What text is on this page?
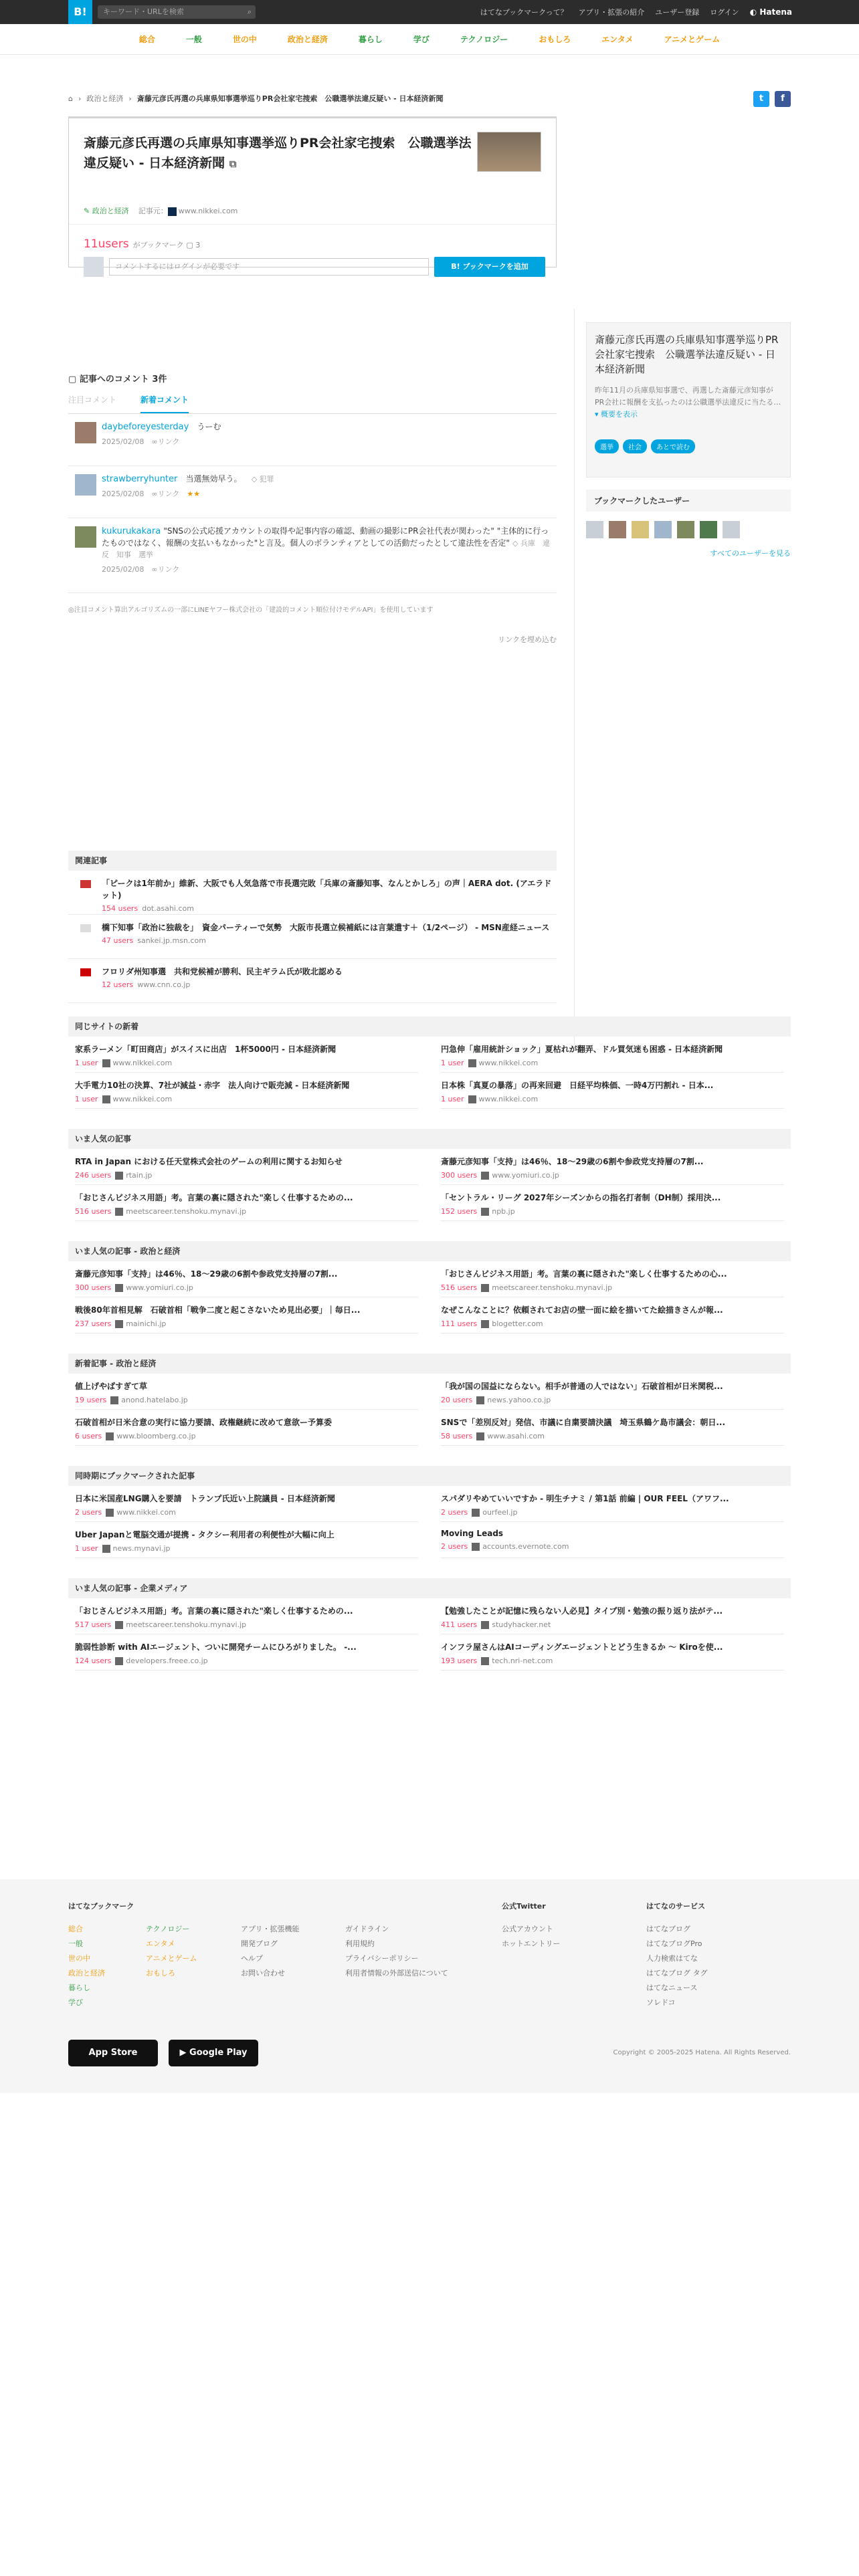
B!	キーワード・URLを検索	⌕	はてなブックマークって？ アプリ・拡張の紹介 ユーザー登録 ログイン ◐ Hatena
総合	一般	世の中	政治と経済	暮らし	学び	テクノロジー	おもしろ	エンタメ	アニメとゲーム
⌂ › 政治と経済 › 斎藤元彦氏再選の兵庫県知事選挙巡りPR会社家宅捜索　公職選挙法違反疑い - 日本経済新聞	t	f
斎藤元彦氏再選の兵庫県知事選挙巡りPR会社家宅捜索　公職選挙法違反疑い - 日本経済新聞 ⧉
✎ 政治と経済 記事元： www.nikkei.com
11users がブックマーク ▢ 3
コメントするにはログインが必要です	B! ブックマークを追加
▢ 記事へのコメント 3件
注目コメント	新着コメント
daybeforeyesterday うーむ
2025/02/08　 ∞リンク
strawberryhunter 当選無効早う。 ◇ 犯罪
2025/02/08　 ∞リンク　 ★★
kukurukakara "SNSの公式応援アカウントの取得や記事内容の確認、動画の撮影にPR会社代表が関わった" "主体的に行ったものではなく、報酬の支払いもなかった"と言及。個人のボランティアとしての活動だったとして違法性を否定" ◇ 兵庫　違反　知事　選挙
2025/02/08　 ∞リンク
◎注目コメント算出アルゴリズムの一部にLINEヤフー株式会社の「建設的コメント順位付けモデルAPI」を使用しています
リンクを埋め込む
斎藤元彦氏再選の兵庫県知事選挙巡りPR会社家宅捜索　公職選挙法違反疑い - 日本経済新聞
昨年11月の兵庫県知事選で、再選した斎藤元彦知事がPR会社に報酬を支払ったのは公職選挙法違反に当たる… ▾ 概要を表示
選挙	社会	あとで読む
ブックマークしたユーザー
すべてのユーザーを見る
関連記事
「ピークは1年前か」維新、大阪でも人気急落で市長選完敗「兵庫の斎藤知事、なんとかしろ」の声｜AERA dot. (アエラドット)
154 users dot.asahi.com
橋下知事「政治に独裁を」　資金パーティーで気勢　大阪市長選立候補紙には言葉遣す＋（1/2ページ） - MSN産経ニュース
47 users sankei.jp.msn.com
フロリダ州知事選　共和党候補が勝利、民主ギラム氏が敗北認める
12 users www.cnn.co.jp
同じサイトの新着
家系ラーメン「町田商店」がスイスに出店　1杯5000円 - 日本経済新聞
1 user www.nikkei.com
円急伸「雇用統計ショック」夏枯れが翻弄、ドル買気迷も困惑 - 日本経済新聞
1 user www.nikkei.com
大手電力10社の決算、7社が減益・赤字　法人向けで販売減 - 日本経済新聞
1 user www.nikkei.com
日本株「真夏の暴落」の再来回避　日経平均株価、一時4万円割れ - 日本...
1 user www.nikkei.com
いま人気の記事
RTA in Japan における任天堂株式会社のゲームの利用に関するお知らせ
246 users rtain.jp
斎藤元彦知事「支持」は46％、18～29歳の6割や参政党支持層の7割...
300 users www.yomiuri.co.jp
「おじさんビジネス用語」考。言葉の裏に隠された"楽しく仕事するための...
516 users meetscareer.tenshoku.mynavi.jp
「セントラル・リーグ 2027年シーズンからの指名打者制（DH制）採用決...
152 users npb.jp
いま人気の記事 - 政治と経済
斎藤元彦知事「支持」は46％、18～29歳の6割や参政党支持層の7割...
300 users www.yomiuri.co.jp
「おじさんビジネス用語」考。言葉の裏に隠された"楽しく仕事するための心...
516 users meetscareer.tenshoku.mynavi.jp
戦後80年首相見解　石破首相「戦争二度と起こさないため見出必要」｜毎日...
237 users mainichi.jp
なぜこんなことに？依頼されてお店の壁一面に絵を描いてた絵描きさんが報...
111 users blogetter.com
新着記事 - 政治と経済
値上げやばすぎて草
19 users anond.hatelabo.jp
「我が国の国益にならない。相手が普通の人ではない」石破首相が日米関税...
20 users news.yahoo.co.jp
石破首相が日米合意の実行に協力要請、政権継続に改めて意欲ー予算委
6 users www.bloomberg.co.jp
SNSで「差別反対」発信、市議に自粛要請決議　埼玉県鶴ケ島市議会：朝日...
58 users www.asahi.com
同時期にブックマークされた記事
日本に米国産LNG購入を要請　トランプ氏近い上院議員 - 日本経済新聞
2 users www.nikkei.com
スパダリやめていいですか - 明生チナミ / 第1話 前編 | OUR FEEL（アワフ...
2 users ourfeel.jp
Uber Japanと電脳交通が提携 - タクシー利用者の利便性が大幅に向上
1 user news.mynavi.jp
Moving Leads
2 users accounts.evernote.com
いま人気の記事 - 企業メディア
「おじさんビジネス用語」考。言葉の裏に隠された"楽しく仕事するための...
517 users meetscareer.tenshoku.mynavi.jp
【勉強したことが記憶に残らない人必見】タイプ別・勉強の振り返り法がテ...
411 users studyhacker.net
脆弱性診断 with AIエージェント、ついに開発チームにひろがりました。 -...
124 users developers.freee.co.jp
インフラ屋さんはAIコーディングエージェントとどう生きるか ～ Kiroを使...
193 users tech.nri-net.com
はてなブックマーク
総合
一般
世の中
政治と経済
暮らし
学び
テクノロジー
エンタメ
アニメとゲーム
おもしろ
アプリ・拡張機能
開発ブログ
ヘルプ
お問い合わせ
ガイドライン
利用規約
プライバシーポリシー
利用者情報の外部送信について
公式Twitter
公式アカウント
ホットエントリー
はてなのサービス
はてなブログ
はてなブログPro
人力検索はてな
はてなブログ タグ
はてなニュース
ソレドコ
App Store	▶ Google Play	Copyright © 2005-2025 Hatena. All Rights Reserved.
